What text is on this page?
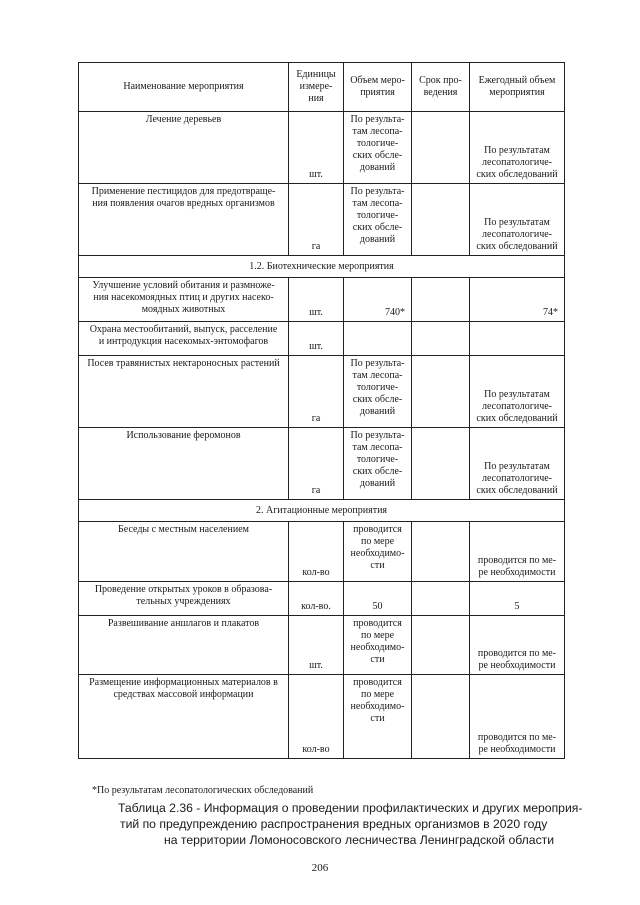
Наименование мероприятия	Единицы
измере-
ния	Объем меро-
приятия	Срок про-
ведения	Ежегодный объем
мероприятия

Лечение деревьев	шт.	По результа-
там лесопа-
тологиче-
ских обсле-
дований		По результатам
лесопатологиче-
ских обследований

Применение пестицидов для предотвраще-
ния появления очагов вредных организмов	га	По результа-
там лесопа-
тологиче-
ских обсле-
дований		По результатам
лесопатологиче-
ских обследований

1.2. Биотехнические мероприятия				

Улучшение условий обитания и размноже-
ния насекомоядных птиц и других насеко-
моядных животных	шт.	740*		74*

Охрана местообитаний, выпуск, расселение
и интродукция насекомых-энтомофагов	шт.			

Посев травянистых нектароносных растений	га	По результа-
там лесопа-
тологиче-
ских обсле-
дований		По результатам
лесопатологиче-
ских обследований

Использование феромонов	га	По результа-
там лесопа-
тологиче-
ских обсле-
дований		По результатам
лесопатологиче-
ских обследований

2. Агитационные мероприятия				

Беседы с местным населением	кол-во	проводится
по мере
необходимо-
сти		проводится по ме-
ре необходимости

Проведение открытых уроков в образова-
тельных учреждениях	кол-во.	50		5

Развешивание аншлагов и плакатов	шт.	проводится
по мере
необходимо-
сти		проводится по ме-
ре необходимости

Размещение информационных материалов в
средствах массовой информации	кол-во	проводится
по мере
необходимо-
сти		проводится по ме-
ре необходимости
*По результатам лесопатологических обследований
Таблица 2.36 - Информация о проведении профилактических и других мероприя-
тий по предупреждению распространения вредных организмов в 2020 году
на территории Ломоносовского лесничества Ленинградской области
206
